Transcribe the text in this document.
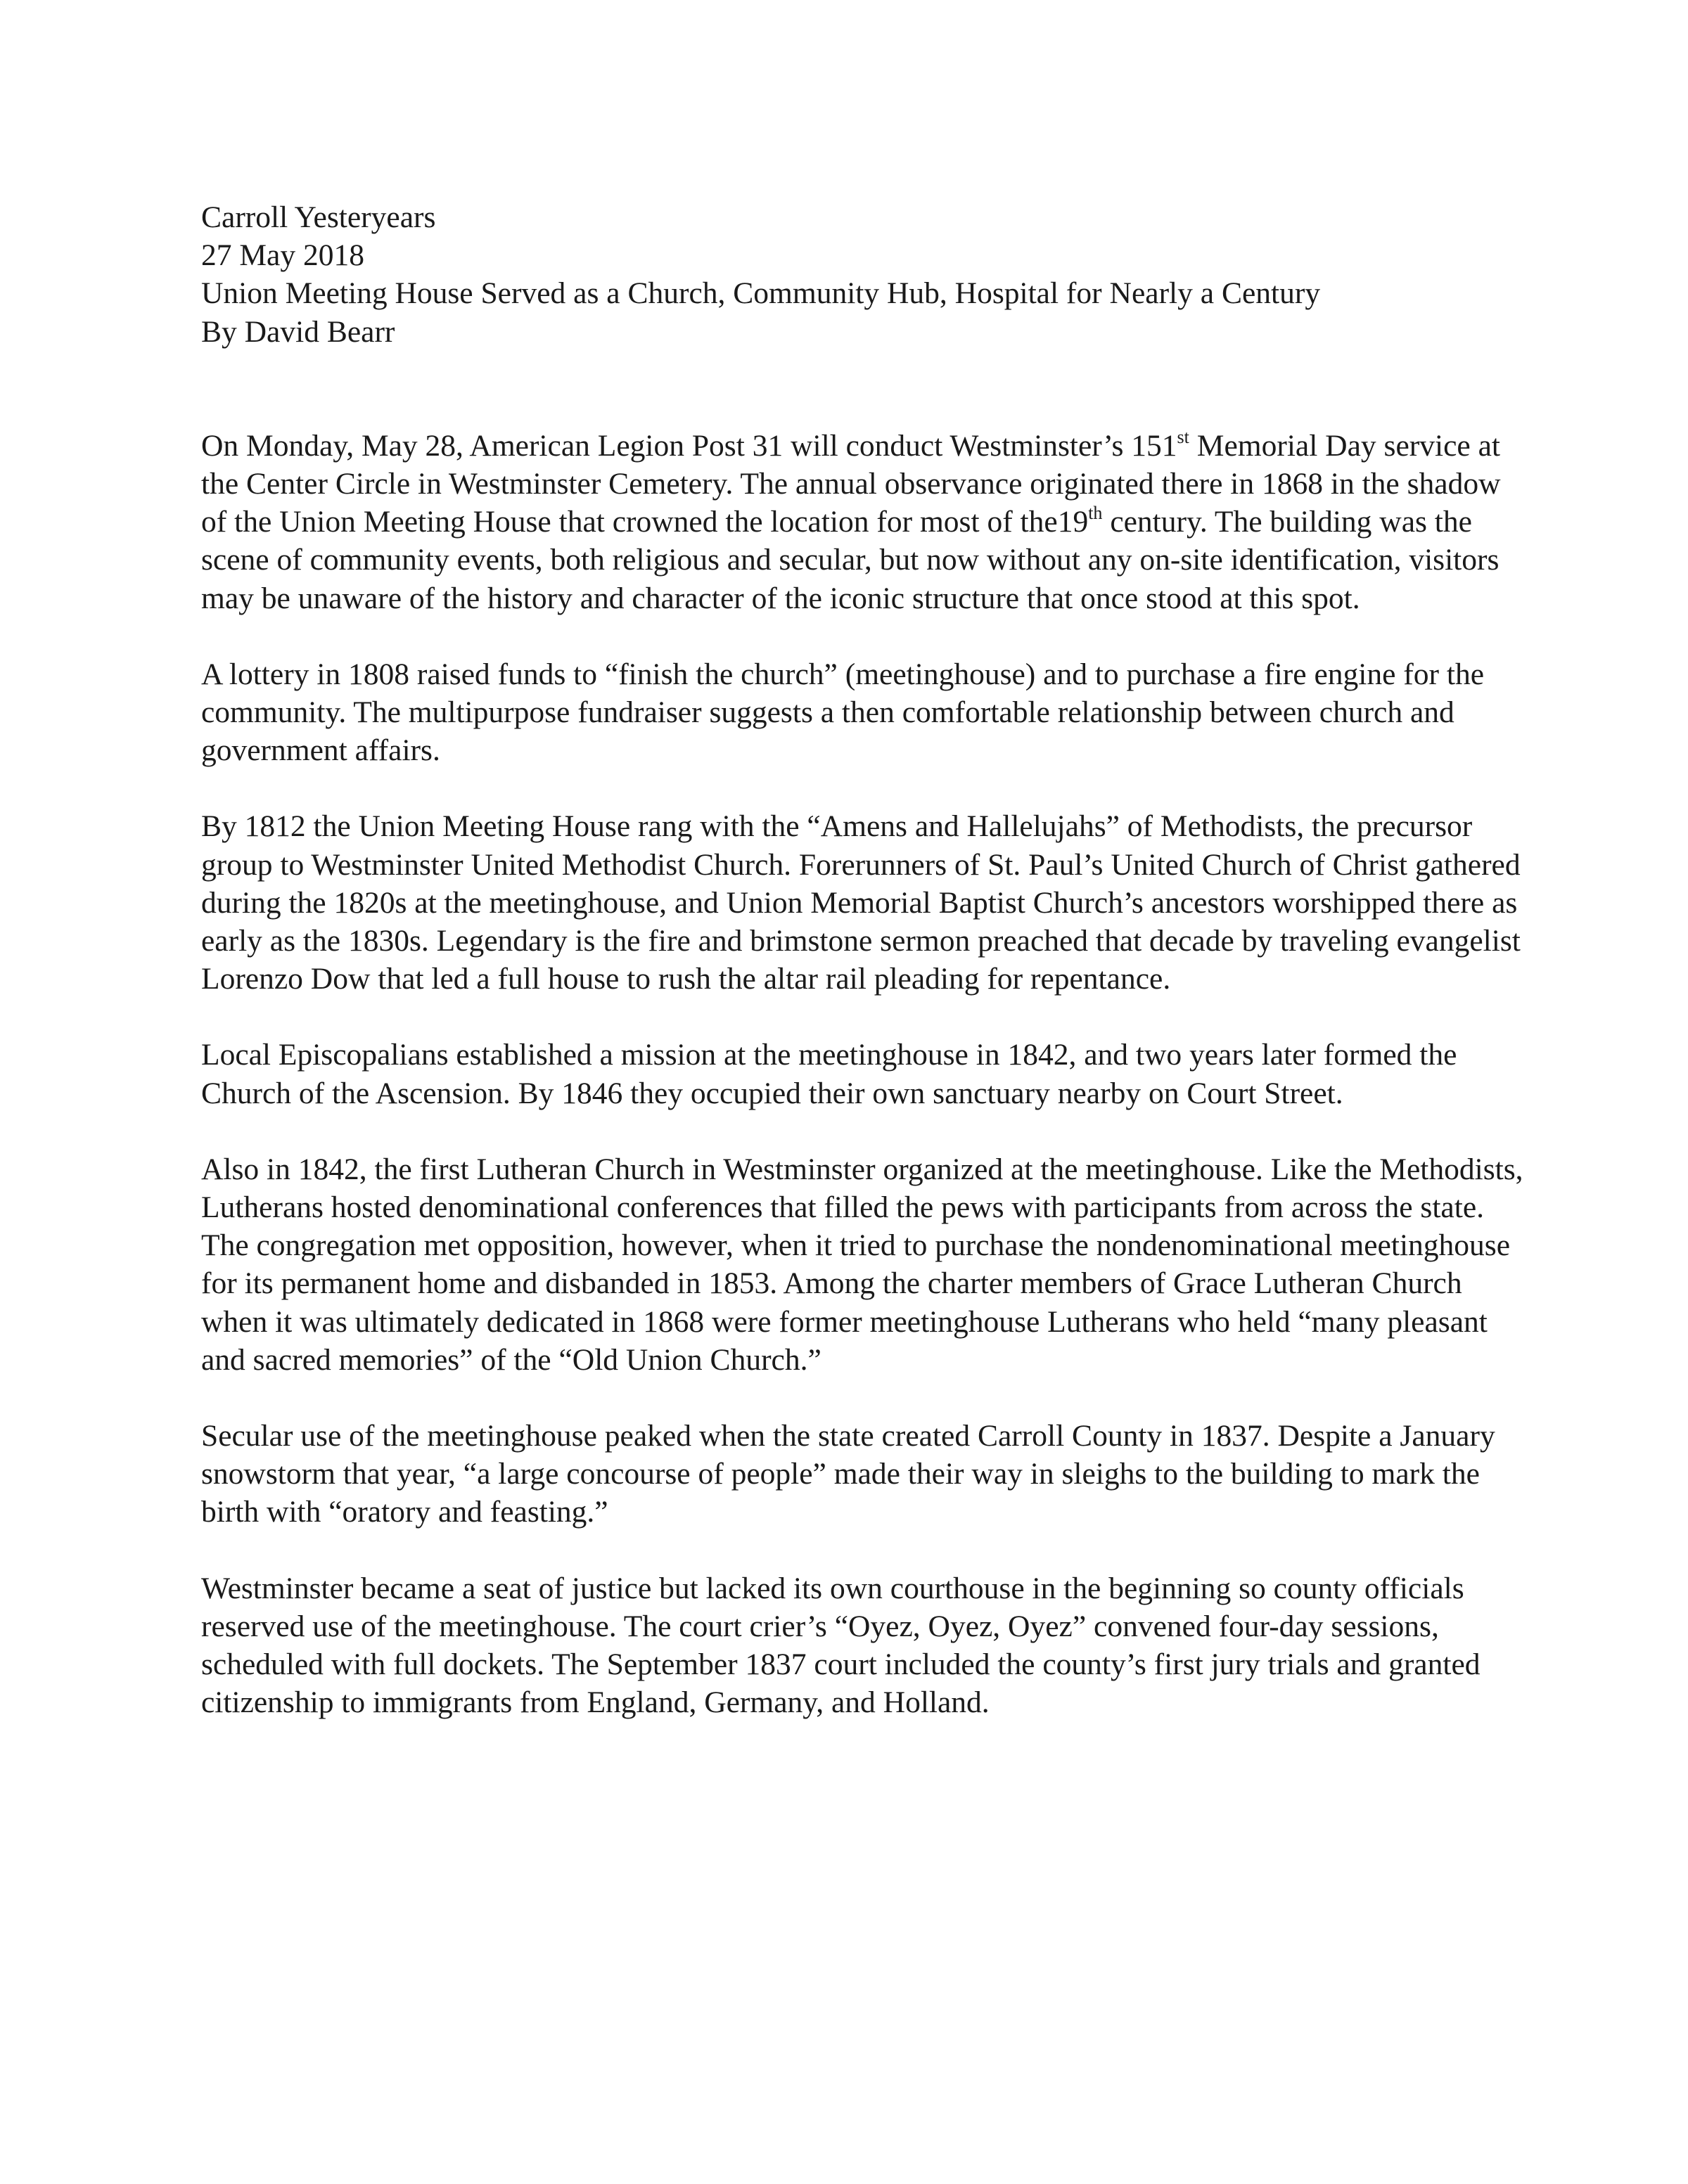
Carroll Yesteryears
27 May 2018
Union Meeting House Served as a Church, Community Hub, Hospital for Nearly a Century
By David Bearr

On Monday, May 28, American Legion Post 31 will conduct Westminster’s 151st Memorial Day service at the Center Circle in Westminster Cemetery. The annual observance originated there in 1868 in the shadow of the Union Meeting House that crowned the location for most of the19th century. The building was the scene of community events, both religious and secular, but now without any on-site identification, visitors may be unaware of the history and character of the iconic structure that once stood at this spot.

A lottery in 1808 raised funds to “finish the church” (meetinghouse) and to purchase a fire engine for the community. The multipurpose fundraiser suggests a then comfortable relationship between church and government affairs.

By 1812 the Union Meeting House rang with the “Amens and Hallelujahs” of Methodists, the precursor group to Westminster United Methodist Church. Forerunners of St. Paul’s United Church of Christ gathered during the 1820s at the meetinghouse, and Union Memorial Baptist Church’s ancestors worshipped there as early as the 1830s. Legendary is the fire and brimstone sermon preached that decade by traveling evangelist Lorenzo Dow that led a full house to rush the altar rail pleading for repentance.

Local Episcopalians established a mission at the meetinghouse in 1842, and two years later formed the Church of the Ascension. By 1846 they occupied their own sanctuary nearby on Court Street.

Also in 1842, the first Lutheran Church in Westminster organized at the meetinghouse. Like the Methodists, Lutherans hosted denominational conferences that filled the pews with participants from across the state. The congregation met opposition, however, when it tried to purchase the nondenominational meetinghouse for its permanent home and disbanded in 1853. Among the charter members of Grace Lutheran Church when it was ultimately dedicated in 1868 were former meetinghouse Lutherans who held “many pleasant and sacred memories” of the “Old Union Church.”

Secular use of the meetinghouse peaked when the state created Carroll County in 1837. Despite a January snowstorm that year, “a large concourse of people” made their way in sleighs to the building to mark the birth with “oratory and feasting.”

Westminster became a seat of justice but lacked its own courthouse in the beginning so county officials reserved use of the meetinghouse. The court crier’s “Oyez, Oyez, Oyez” convened four-day sessions, scheduled with full dockets. The September 1837 court included the county’s first jury trials and granted citizenship to immigrants from England, Germany, and Holland.
